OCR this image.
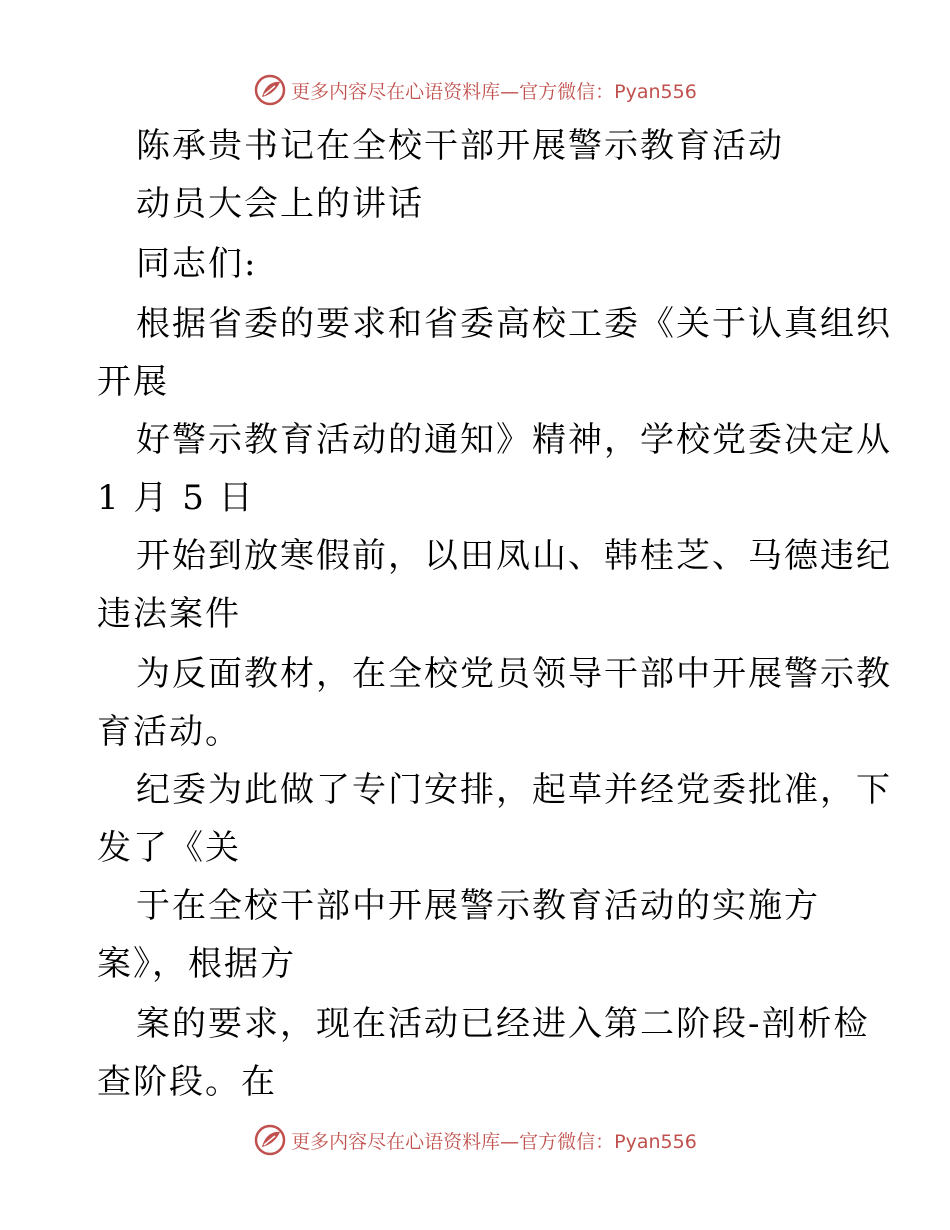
更多内容尽在心语资料库—官方微信：Pyan556
陈承贵书记在全校干部开展警示教育活动
动员大会上的讲话
同志们:
根据省委的要求和省委高校工委《关于认真组织
开展
好警示教育活动的通知》精神，学校党委决定从
1 月 5 日
开始到放寒假前，以田凤山、韩桂芝、马德违纪
违法案件
为反面教材，在全校党员领导干部中开展警示教
育活动。
纪委为此做了专门安排，起草并经党委批准，下
发了《关
于在全校干部中开展警示教育活动的实施方
案》，根据方
案的要求，现在活动已经进入第二阶段-剖析检
查阶段。在
更多内容尽在心语资料库—官方微信：Pyan556
